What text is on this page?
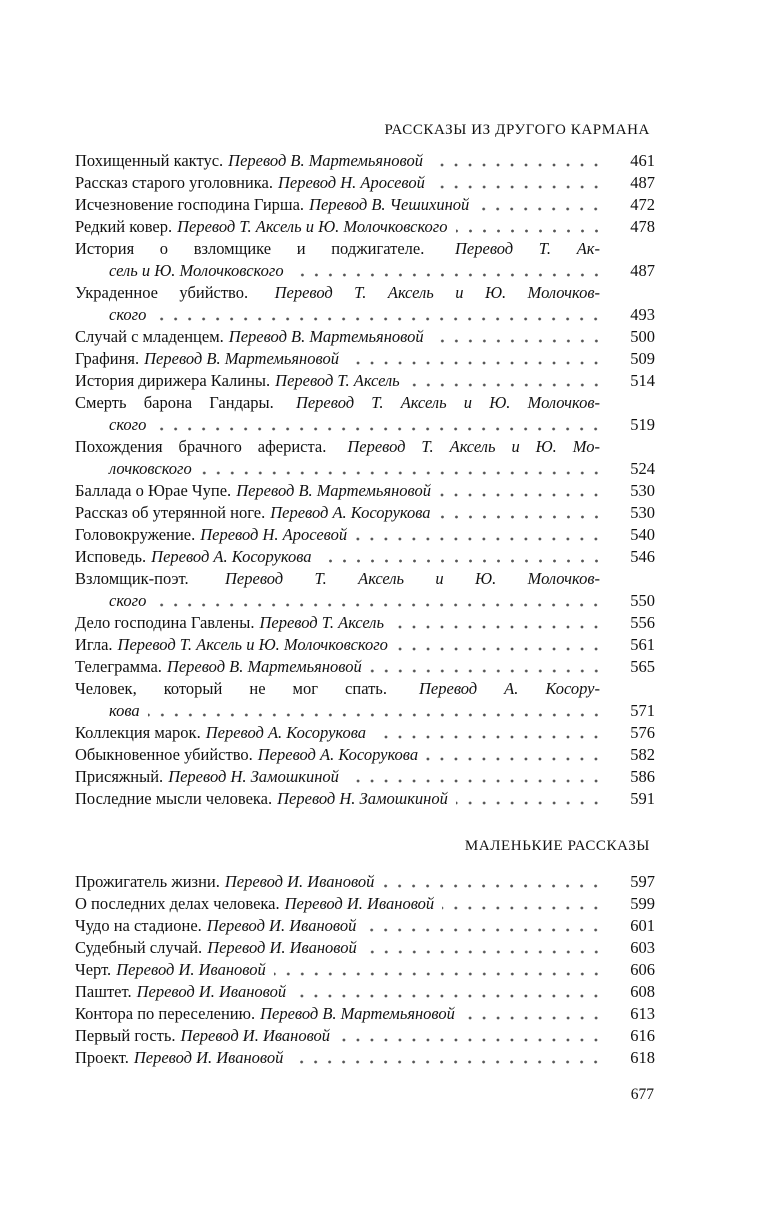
РАССКАЗЫ ИЗ ДРУГОГО КАРМАНА
Похищенный кактус. Перевод В. Мартемьяновой	461
Рассказ старого уголовника. Перевод Н. Аросевой	487
Исчезновение господина Гирша. Перевод В. Чешихиной	472
Редкий ковер. Перевод Т. Аксель и Ю. Молочковского	478
История о взломщике и поджигателе. Перевод Т. Ак-
сель и Ю. Молочковского	487
Украденное убийство. Перевод Т. Аксель и Ю. Молочков-
ского	493
Случай с младенцем. Перевод В. Мартемьяновой	500
Графиня. Перевод В. Мартемьяновой	509
История дирижера Калины. Перевод Т. Аксель	514
Смерть барона Гандары. Перевод Т. Аксель и Ю. Молочков-
ского	519
Похождения брачного афериста. Перевод Т. Аксель и Ю. Мо-
лочковского	524
Баллада о Юрае Чупе. Перевод В. Мартемьяновой	530
Рассказ об утерянной ноге. Перевод А. Косорукова	530
Головокружение. Перевод Н. Аросевой	540
Исповедь. Перевод А. Косорукова	546
Взломщик-поэт. Перевод Т. Аксель и Ю. Молочков-
ского	550
Дело господина Гавлены. Перевод Т. Аксель	556
Игла. Перевод Т. Аксель и Ю. Молочковского	561
Телеграмма. Перевод В. Мартемьяновой	565
Человек, который не мог спать. Перевод А. Косору-
кова	571
Коллекция марок. Перевод А. Косорукова	576
Обыкновенное убийство. Перевод А. Косорукова	582
Присяжный. Перевод Н. Замошкиной	586
Последние мысли человека. Перевод Н. Замошкиной	591
МАЛЕНЬКИЕ РАССКАЗЫ
Прожигатель жизни. Перевод И. Ивановой	597
О последних делах человека. Перевод И. Ивановой	599
Чудо на стадионе. Перевод И. Ивановой	601
Судебный случай. Перевод И. Ивановой	603
Черт. Перевод И. Ивановой	606
Паштет. Перевод И. Ивановой	608
Контора по переселению. Перевод В. Мартемьяновой	613
Первый гость. Перевод И. Ивановой	616
Проект. Перевод И. Ивановой	618
677
